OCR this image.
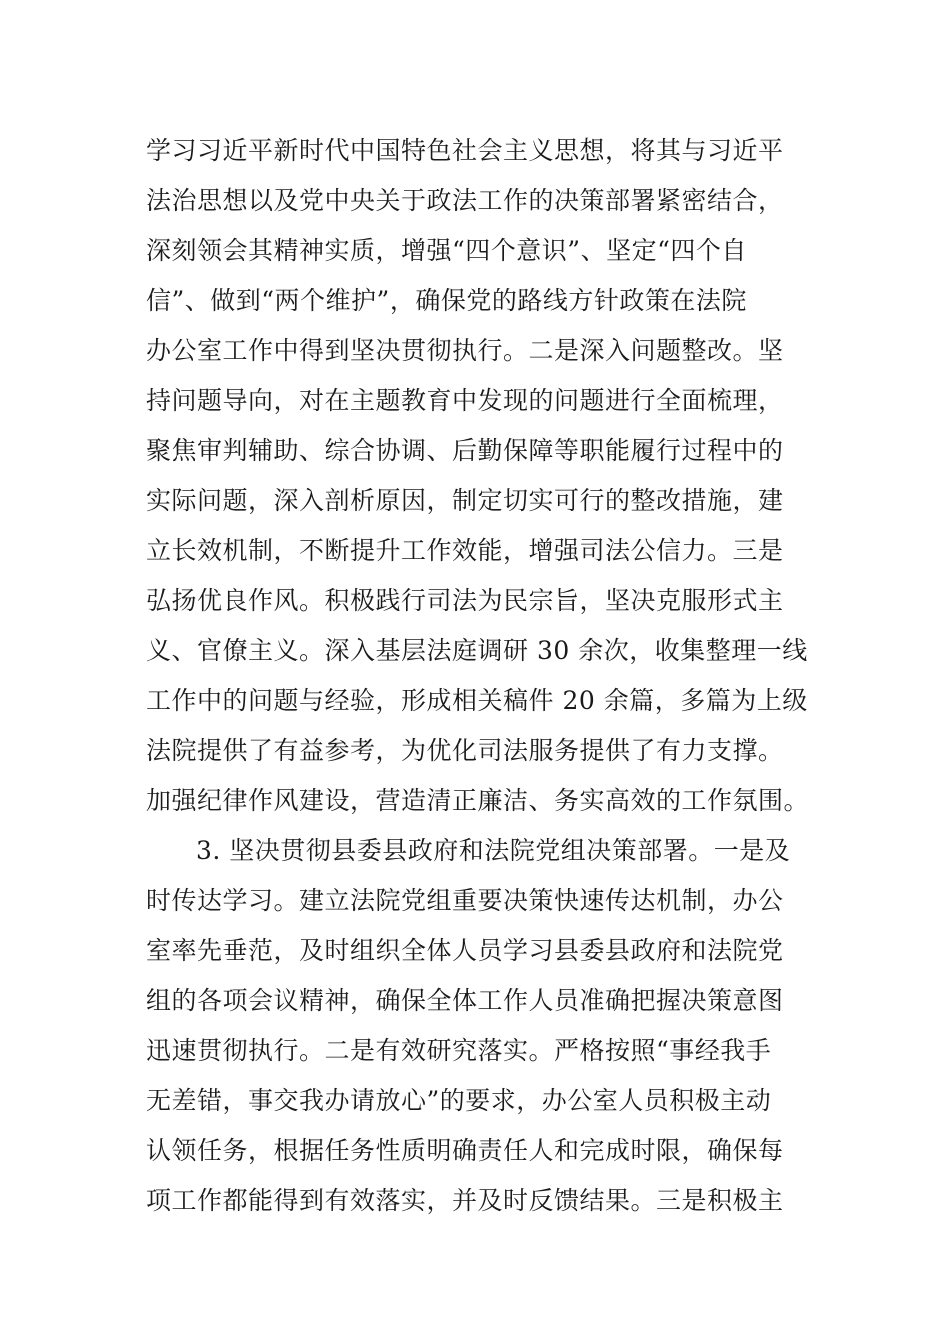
学习习近平新时代中国特色社会主义思想，将其与习近平
法治思想以及党中央关于政法工作的决策部署紧密结合，
深刻领会其精神实质，增强“四个意识”、坚定“四个自
信”、做到“两个维护”，确保党的路线方针政策在法院
办公室工作中得到坚决贯彻执行。二是深入问题整改。坚
持问题导向，对在主题教育中发现的问题进行全面梳理，
聚焦审判辅助、综合协调、后勤保障等职能履行过程中的
实际问题，深入剖析原因，制定切实可行的整改措施，建
立长效机制，不断提升工作效能，增强司法公信力。三是
弘扬优良作风。积极践行司法为民宗旨，坚决克服形式主
义、官僚主义。深入基层法庭调研 30 余次，收集整理一线
工作中的问题与经验，形成相关稿件 20 余篇，多篇为上级
法院提供了有益参考，为优化司法服务提供了有力支撑。
加强纪律作风建设，营造清正廉洁、务实高效的工作氛围。
3. 坚决贯彻县委县政府和法院党组决策部署。一是及
时传达学习。建立法院党组重要决策快速传达机制，办公
室率先垂范，及时组织全体人员学习县委县政府和法院党
组的各项会议精神，确保全体工作人员准确把握决策意图
迅速贯彻执行。二是有效研究落实。严格按照“事经我手
无差错，事交我办请放心”的要求，办公室人员积极主动
认领任务，根据任务性质明确责任人和完成时限，确保每
项工作都能得到有效落实，并及时反馈结果。三是积极主
